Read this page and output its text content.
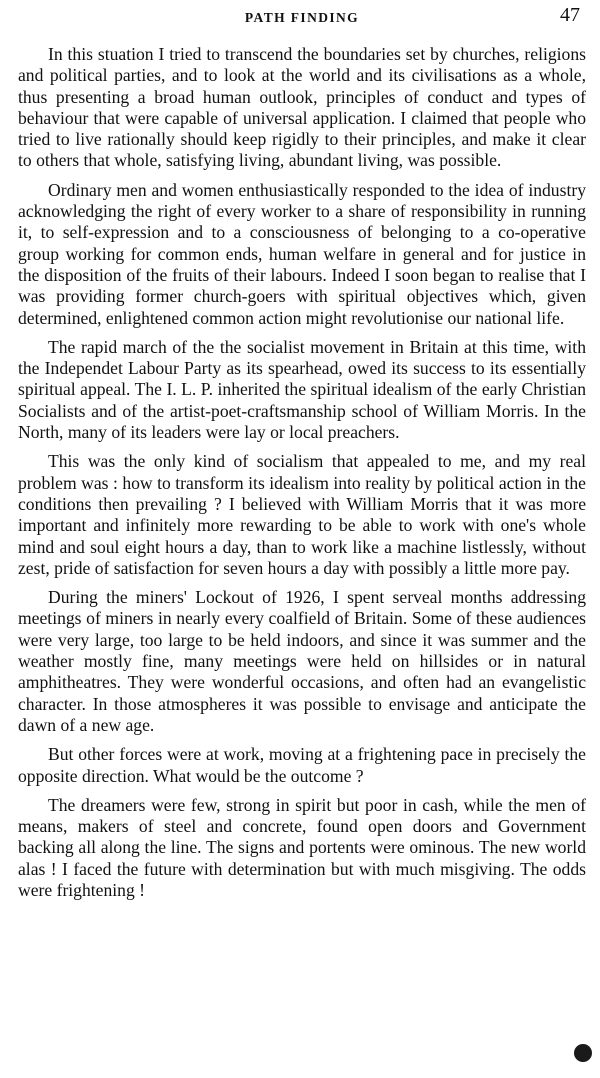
PATH FINDING	47

In this stuation I tried to transcend the boundaries set by churches, religions and political parties, and to look at the world and its civilisations as a whole, thus presenting a broad human outlook, principles of conduct and types of behaviour that were capable of universal application. I claimed that people who tried to live rationally should keep rigidly to their principles, and make it clear to others that whole, satisfying living, abundant living, was possible.

Ordinary men and women enthusiastically responded to the idea of industry acknowledging the right of every worker to a share of responsibility in running it, to self-expression and to a consciousness of belonging to a co-operative group working for common ends, human welfare in general and for justice in the disposition of the fruits of their labours. Indeed I soon began to realise that I was providing former church-goers with spiritual objectives which, given determined, enlightened common action might revolutionise our national life.

The rapid march of the the socialist movement in Britain at this time, with the Independet Labour Party as its spearhead, owed its success to its essentially spiritual appeal. The I. L. P. inherited the spiritual idealism of the early Christian Socialists and of the artist-poet-craftsmanship school of William Morris. In the North, many of its leaders were lay or local preachers.

This was the only kind of socialism that appealed to me, and my real problem was : how to transform its idealism into reality by political action in the conditions then prevailing ? I believed with William Morris that it was more important and infinitely more rewarding to be able to work with one's whole mind and soul eight hours a day, than to work like a machine listlessly, without zest, pride of satisfaction for seven hours a day with possibly a little more pay.

During the miners' Lockout of 1926, I spent serveal months addressing meetings of miners in nearly every coalfield of Britain. Some of these audiences were very large, too large to be held indoors, and since it was summer and the weather mostly fine, many meetings were held on hillsides or in natural amphitheatres. They were wonderful occasions, and often had an evangelistic character. In those atmospheres it was possible to envisage and anticipate the dawn of a new age.

But other forces were at work, moving at a frightening pace in precisely the opposite direction. What would be the outcome ?

The dreamers were few, strong in spirit but poor in cash, while the men of means, makers of steel and concrete, found open doors and Government backing all along the line. The signs and portents were ominous. The new world alas ! I faced the future with determination but with much misgiving. The odds were frightening !
